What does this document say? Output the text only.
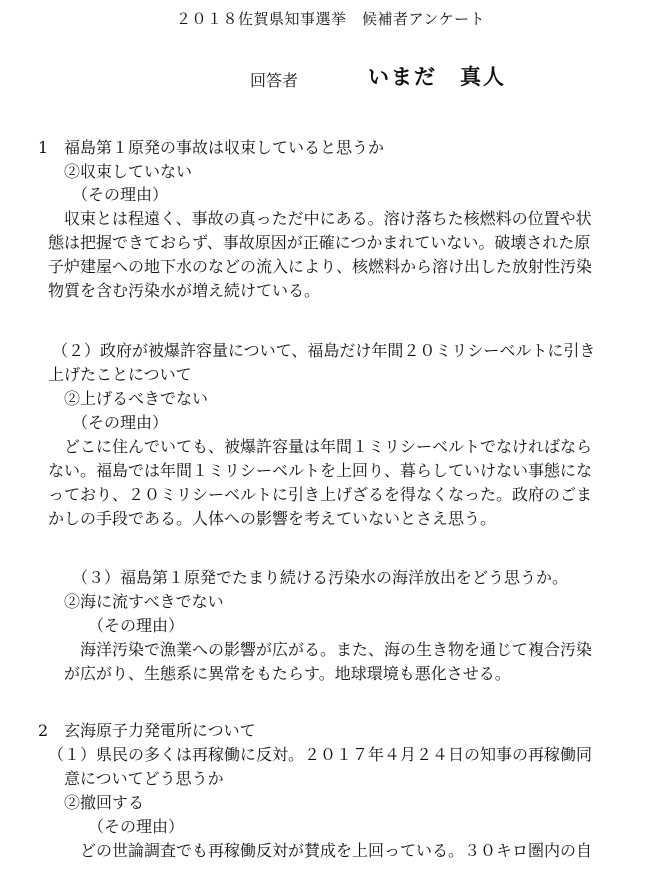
２０１８佐賀県知事選挙　候補者アンケート
回答者	いまだ　真人
1 福島第１原発の事故は収束していると思うか
②収束していない
（その理由）
収束とは程遠く、事故の真っただ中にある。溶け落ちた核燃料の位置や状
態は把握できておらず、事故原因が正確につかまれていない。破壊された原
子炉建屋への地下水のなどの流入により、核燃料から溶け出した放射性汚染
物質を含む汚染水が増え続けている。
（２）政府が被爆許容量について、福島だけ年間２０ミリシーベルトに引き
上げたことについて
②上げるべきでない
（その理由）
どこに住んでいても、被爆許容量は年間１ミリシーベルトでなければなら
ない。福島では年間１ミリシーベルトを上回り、暮らしていけない事態にな
っており、２０ミリシーベルトに引き上げざるを得なくなった。政府のごま
かしの手段である。人体への影響を考えていないとさえ思う。
（３）福島第１原発でたまり続ける汚染水の海洋放出をどう思うか。
②海に流すべきでない
（その理由）
海洋汚染で漁業への影響が広がる。また、海の生き物を通じて複合汚染
が広がり、生態系に異常をもたらす。地球環境も悪化させる。
2 玄海原子力発電所について
（１）県民の多くは再稼働に反対。２０１７年４月２４日の知事の再稼働同
意についてどう思うか
②撤回する
（その理由）
どの世論調査でも再稼働反対が賛成を上回っている。３０キロ圏内の自
